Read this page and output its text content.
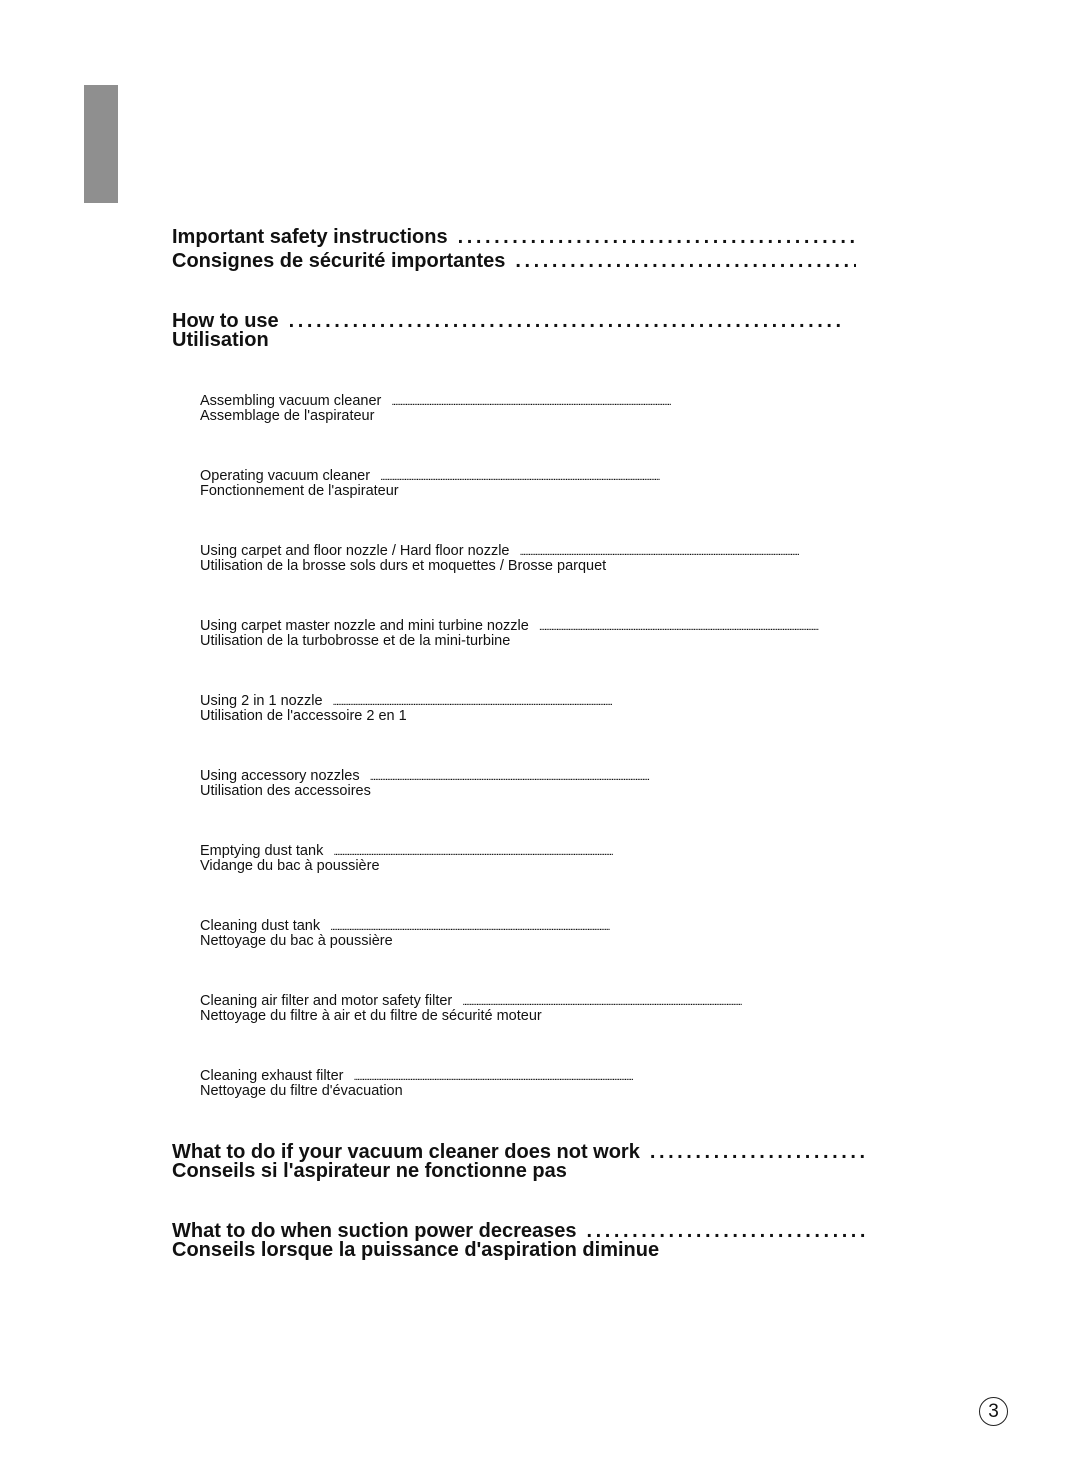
Important safety instructions
. . .
Consignes de sécurité importantes
. . .
How to use
. . .
Utilisation
Assembling vacuum cleaner
. . .
Assemblage de l'aspirateur
Operating vacuum cleaner
. . .
Fonctionnement de l'aspirateur
Using carpet and floor nozzle / Hard floor nozzle
. . .
Utilisation de la brosse sols durs et moquettes / Brosse parquet
Using carpet master nozzle and mini turbine nozzle
. . .
Utilisation de la turbobrosse et de la mini-turbine
Using 2 in 1 nozzle
. . .
Utilisation de l'accessoire 2 en 1
Using accessory nozzles
. . .
Utilisation des accessoires
Emptying dust tank
. . .
Vidange du bac à poussière
Cleaning dust tank
. . .
Nettoyage du bac à poussière
Cleaning air filter and motor safety filter
. . .
Nettoyage du filtre à air et du filtre de sécurité moteur
Cleaning exhaust filter
. . .
Nettoyage du filtre d'évacuation
What to do if your vacuum cleaner does not work
. . .
Conseils si l'aspirateur ne fonctionne pas
What to do when suction power decreases
. . .
Conseils lorsque la puissance d'aspiration diminue
3
